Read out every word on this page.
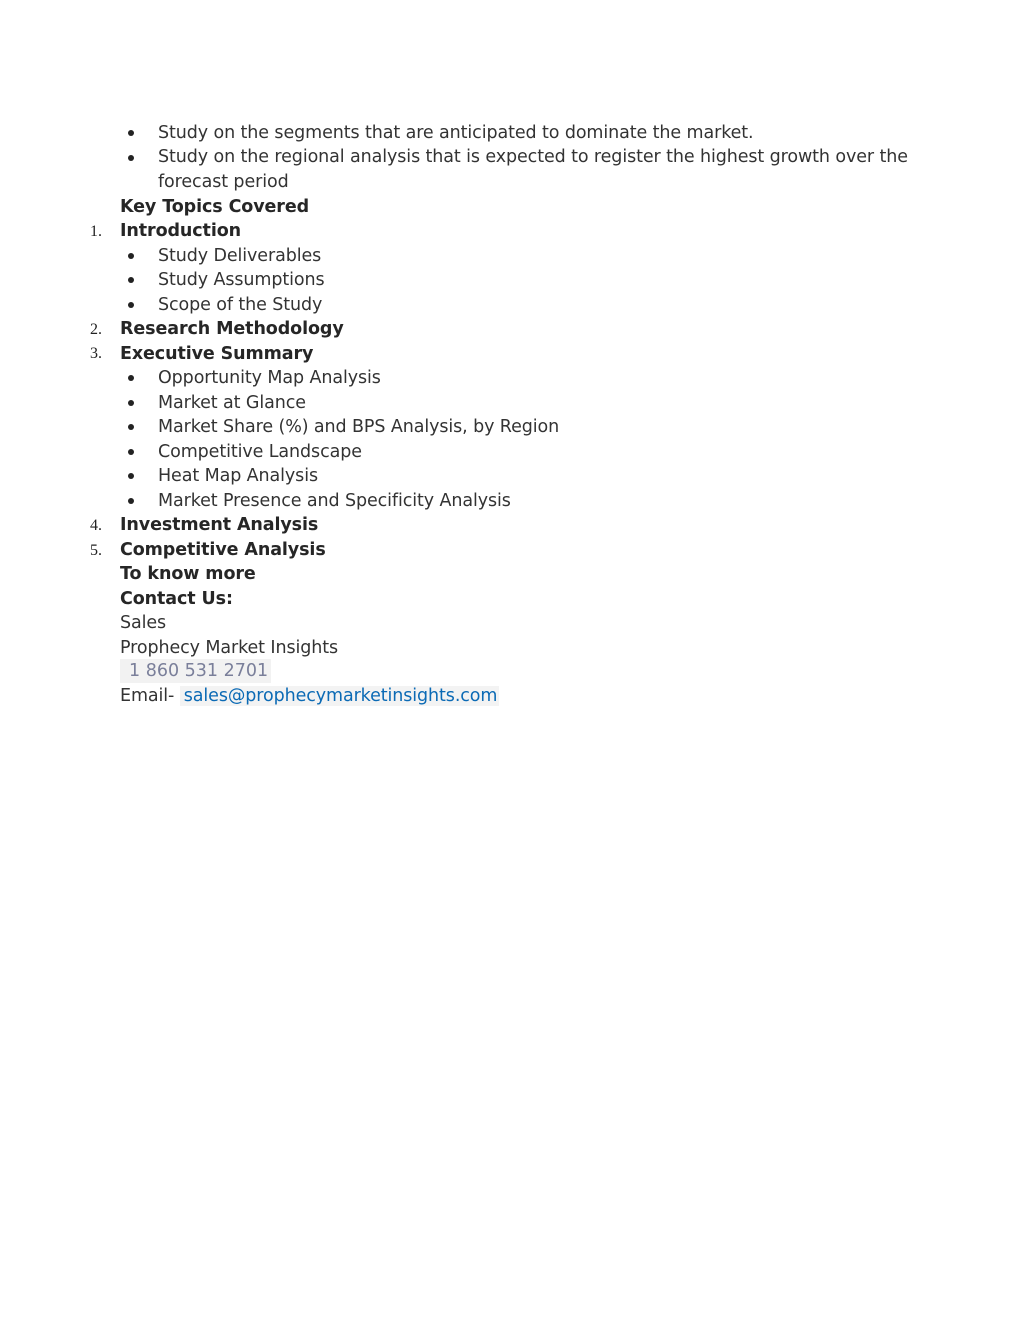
Study on the segments that are anticipated to dominate the market.
Study on the regional analysis that is expected to register the highest growth over the
forecast period
Key Topics Covered
1. Introduction
Study Deliverables
Study Assumptions
Scope of the Study
2. Research Methodology
3. Executive Summary
Opportunity Map Analysis
Market at Glance
Market Share (%) and BPS Analysis, by Region
Competitive Landscape
Heat Map Analysis
Market Presence and Specificity Analysis
4. Investment Analysis
5. Competitive Analysis
To know more
Contact Us:
Sales
Prophecy Market Insights
1 860 531 2701
Email- sales@prophecymarketinsights.com
